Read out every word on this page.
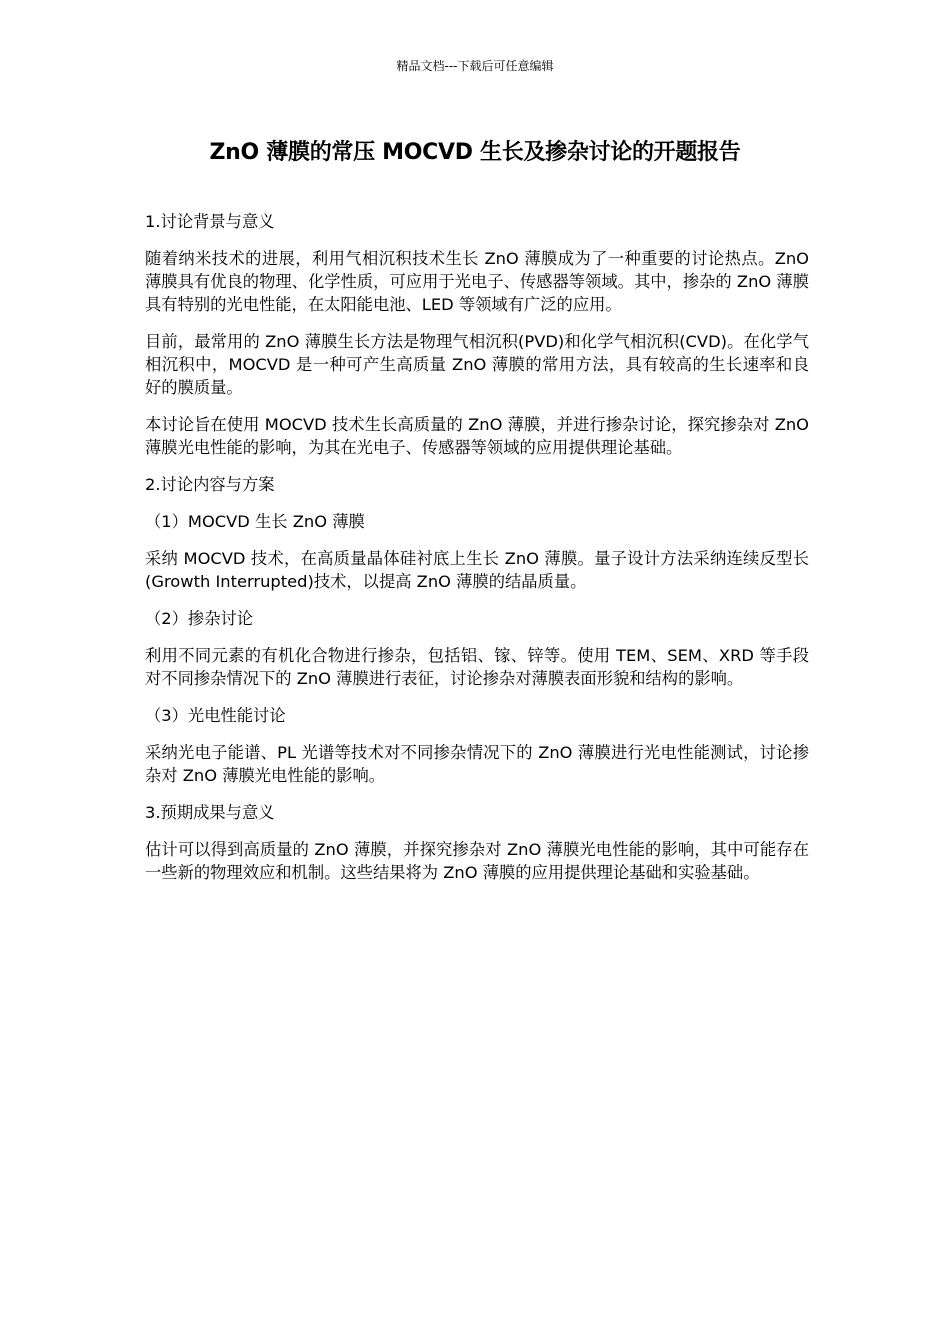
精品文档---下载后可任意编辑
ZnO 薄膜的常压 MOCVD 生长及掺杂讨论的开题报告
1.讨论背景与意义
随着纳米技术的进展，利用气相沉积技术生长 ZnO 薄膜成为了一种重要的讨论热点。ZnO 薄膜具有优良的物理、化学性质，可应用于光电子、传感器等领域。其中，掺杂的 ZnO 薄膜具有特别的光电性能，在太阳能电池、LED 等领域有广泛的应用。
目前，最常用的 ZnO 薄膜生长方法是物理气相沉积(PVD)和化学气相沉积(CVD)。在化学气相沉积中，MOCVD 是一种可产生高质量 ZnO 薄膜的常用方法，具有较高的生长速率和良好的膜质量。
本讨论旨在使用 MOCVD 技术生长高质量的 ZnO 薄膜，并进行掺杂讨论，探究掺杂对 ZnO 薄膜光电性能的影响，为其在光电子、传感器等领域的应用提供理论基础。
2.讨论内容与方案
（1）MOCVD 生长 ZnO 薄膜
采纳 MOCVD 技术，在高质量晶体硅衬底上生长 ZnO 薄膜。量子设计方法采纳连续反型长(Growth Interrupted)技术，以提高 ZnO 薄膜的结晶质量。
（2）掺杂讨论
利用不同元素的有机化合物进行掺杂，包括铝、镓、锌等。使用 TEM、SEM、XRD 等手段对不同掺杂情况下的 ZnO 薄膜进行表征，讨论掺杂对薄膜表面形貌和结构的影响。
（3）光电性能讨论
采纳光电子能谱、PL 光谱等技术对不同掺杂情况下的 ZnO 薄膜进行光电性能测试，讨论掺杂对 ZnO 薄膜光电性能的影响。
3.预期成果与意义
估计可以得到高质量的 ZnO 薄膜，并探究掺杂对 ZnO 薄膜光电性能的影响，其中可能存在一些新的物理效应和机制。这些结果将为 ZnO 薄膜的应用提供理论基础和实验基础。
